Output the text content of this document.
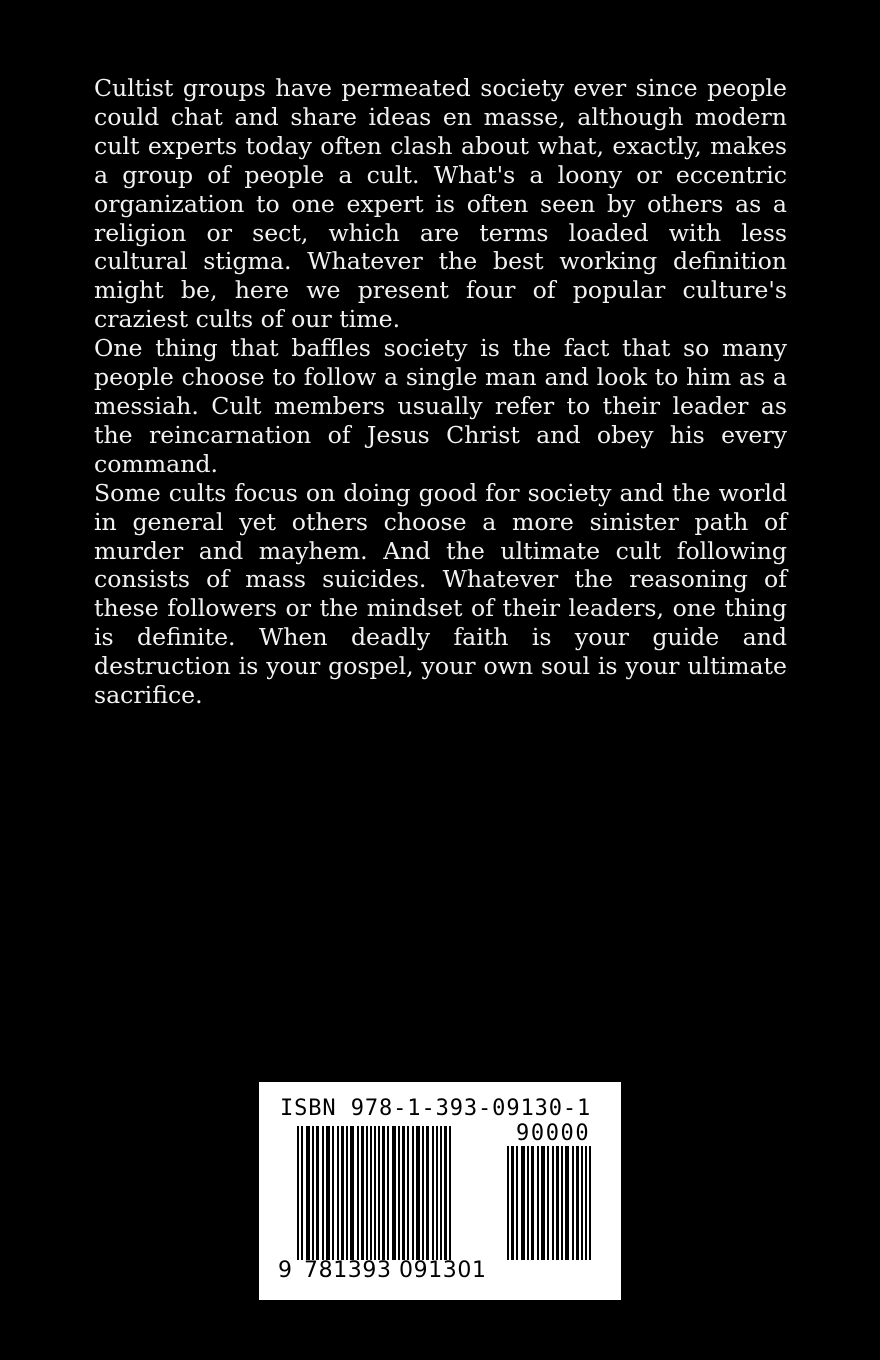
Cultist groups have permeated society ever since people could chat and share ideas en masse, although modern cult experts today often clash about what, exactly, makes a group of people a cult. What's a loony or eccentric organization to one expert is often seen by others as a religion or sect, which are terms loaded with less cultural stigma. Whatever the best working definition might be, here we present four of popular culture's craziest cults of our time.

One thing that baffles society is the fact that so many people choose to follow a single man and look to him as a messiah. Cult members usually refer to their leader as the reincarnation of Jesus Christ and obey his every command.

Some cults focus on doing good for society and the world in general yet others choose a more sinister path of murder and mayhem. And the ultimate cult following consists of mass suicides. Whatever the reasoning of these followers or the mindset of their leaders, one thing is definite. When deadly faith is your guide and destruction is your gospel, your own soul is your ultimate sacrifice.

ISBN 978-1-393-09130-1
90000
9 781393 091301
